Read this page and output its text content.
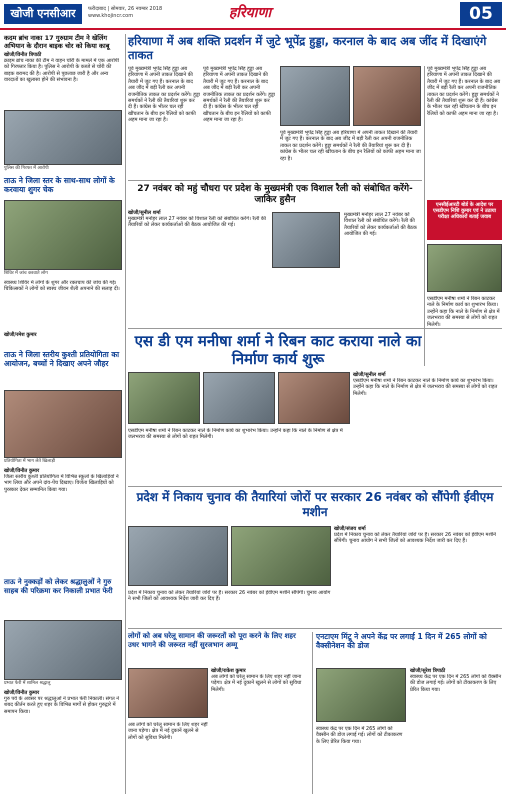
खोजी एनसीआर	फरीदाबाद | सोमवार, 26 नवम्बर 2018
www.khojincr.com	हरियाणा	05
कदम ब्रांच नाका 17 गुरुग्राम टीम ने खेलिंग अभियान के दौरान बाइक चोर को किया काबू
खोजी/विनीत त्रिपाठी
क्राइम ब्रांच नाका की टीम ने वाहन चोरी के मामले में एक आरोपी को गिरफ्तार किया है। पुलिस ने आरोपी के कब्जे से चोरी की बाइक बरामद की है। आरोपी से पूछताछ जारी है और अन्य वारदातों का खुलासा होने की संभावना है।
पुलिस की गिरफ्त में आरोपी
ताऊ ने जिला स्तर के साथ-साथ लोगों के करवाया शुगर चेक
शिविर में जांच करवाते लोग
स्वास्थ्य शिविर में लोगों के शुगर और रक्तचाप की जांच की गई। चिकित्सकों ने लोगों को स्वस्थ जीवन शैली अपनाने की सलाह दी।
खोजी/रमेश कुमार
ताऊ ने जिला स्तरीय कुश्ती प्रतियोगिता का आयोजन, बच्चों ने दिखाए अपने जौहर
प्रतियोगिता में भाग लेते खिलाड़ी
खोजी/विनीत कुमार
जिला स्तरीय कुश्ती प्रतियोगिता में विभिन्न स्कूलों के खिलाड़ियों ने भाग लिया और अपने दांव-पेंच दिखाए। विजेता खिलाड़ियों को पुरस्कार देकर सम्मानित किया गया।
ताऊ ने नुक्कड़ों को लेकर श्रद्धालुओं ने गुरु साहब की परिक्रमा कर निकाली प्रभात फेरी
प्रभात फेरी में शामिल श्रद्धालु
खोजी/विनीत कुमार
गुरु पर्व के अवसर पर श्रद्धालुओं ने प्रभात फेरी निकाली। संगत ने शबद कीर्तन करते हुए शहर के विभिन्न मार्गों से होकर गुरुद्वारे में समापन किया।
हरियाणा में अब शक्ति प्रदर्शन में जुटे भूपेंद्र हुड्डा, करनाल के बाद अब जींद में दिखाएंगे ताकत
पूर्व मुख्यमंत्री भूपेंद्र सिंह हुड्डा अब हरियाणा में अपनी ताकत दिखाने की तैयारी में जुट गए हैं। करनाल के बाद अब जींद में बड़ी रैली कर अपनी राजनीतिक ताकत का प्रदर्शन करेंगे। हुड्डा समर्थकों ने रैली की तैयारियां शुरू कर दी हैं। कांग्रेस के भीतर चल रही खींचतान के बीच इन रैलियों को काफी अहम माना जा रहा है।
पूर्व मुख्यमंत्री भूपेंद्र सिंह हुड्डा अब हरियाणा में अपनी ताकत दिखाने की तैयारी में जुट गए हैं। करनाल के बाद अब जींद में बड़ी रैली कर अपनी राजनीतिक ताकत का प्रदर्शन करेंगे। हुड्डा समर्थकों ने रैली की तैयारियां शुरू कर दी हैं। कांग्रेस के भीतर चल रही खींचतान के बीच इन रैलियों को काफी अहम माना जा रहा है।
पूर्व मुख्यमंत्री भूपेंद्र सिंह हुड्डा अब हरियाणा में अपनी ताकत दिखाने की तैयारी में जुट गए हैं। करनाल के बाद अब जींद में बड़ी रैली कर अपनी राजनीतिक ताकत का प्रदर्शन करेंगे। हुड्डा समर्थकों ने रैली की तैयारियां शुरू कर दी हैं। कांग्रेस के भीतर चल रही खींचतान के बीच इन रैलियों को काफी अहम माना जा रहा है।
पूर्व मुख्यमंत्री भूपेंद्र सिंह हुड्डा अब हरियाणा में अपनी ताकत दिखाने की तैयारी में जुट गए हैं। करनाल के बाद अब जींद में बड़ी रैली कर अपनी राजनीतिक ताकत का प्रदर्शन करेंगे। हुड्डा समर्थकों ने रैली की तैयारियां शुरू कर दी हैं। कांग्रेस के भीतर चल रही खींचतान के बीच इन रैलियों को काफी अहम माना जा रहा है।
एनसीईआरटी बोर्ड के आदेश पर एसडीएम निशि कुमार एवं ने उठाया परीक्षा अधिकारों बताई जवाब
एसडीएम मनीषा शर्मा ने रिबन काटकर नाले के निर्माण कार्य का शुभारंभ किया। उन्होंने कहा कि नाले के निर्माण से क्षेत्र में जलभराव की समस्या से लोगों को राहत मिलेगी।
27 नवंबर को महुं चौधरा पर प्रदेश के मुख्यमंत्री एक विशाल रैली को संबोधित करेंगे- जाकिर हुसैन
खोजी/सुनील शर्मा
मुख्यमंत्री मनोहर लाल 27 नवंबर को विशाल रैली को संबोधित करेंगे। रैली की तैयारियों को लेकर कार्यकर्ताओं की बैठक आयोजित की गई।
मुख्यमंत्री मनोहर लाल 27 नवंबर को विशाल रैली को संबोधित करेंगे। रैली की तैयारियों को लेकर कार्यकर्ताओं की बैठक आयोजित की गई।
एस डी एम मनीषा शर्मा ने रिबन काट कराया नाले का निर्माण कार्य शुरू
एसडीएम मनीषा शर्मा ने रिबन काटकर नाले के निर्माण कार्य का शुभारंभ किया। उन्होंने कहा कि नाले के निर्माण से क्षेत्र में जलभराव की समस्या से लोगों को राहत मिलेगी।
खोजी/सुनील शर्मा
एसडीएम मनीषा शर्मा ने रिबन काटकर नाले के निर्माण कार्य का शुभारंभ किया। उन्होंने कहा कि नाले के निर्माण से क्षेत्र में जलभराव की समस्या से लोगों को राहत मिलेगी।
प्रदेश में निकाय चुनाव की तैयारियां जोरों पर सरकार 26 नवंबर को सौंपेगी ईवीएम मशीन
खोजी/संजय शर्मा
प्रदेश में निकाय चुनाव को लेकर तैयारियां जोरों पर हैं। सरकार 26 नवंबर को ईवीएम मशीनें सौंपेगी। चुनाव आयोग ने सभी जिलों को आवश्यक निर्देश जारी कर दिए हैं।
प्रदेश में निकाय चुनाव को लेकर तैयारियां जोरों पर हैं। सरकार 26 नवंबर को ईवीएम मशीनें सौंपेगी। चुनाव आयोग ने सभी जिलों को आवश्यक निर्देश जारी कर दिए हैं।
लोगों को अब घरेलू सामान की जरूरतों को पूरा करने के लिए शहर उधर भागने की जरूरत नहीं सुरजभान अम्मू
खोजी/राकेश कुमार
अब लोगों को घरेलू सामान के लिए शहर नहीं जाना पड़ेगा। क्षेत्र में नई दुकानें खुलने से लोगों को सुविधा मिलेगी।
अब लोगों को घरेलू सामान के लिए शहर नहीं जाना पड़ेगा। क्षेत्र में नई दुकानें खुलने से लोगों को सुविधा मिलेगी।
एनटाएम मिंटू ने अपने केंद्र पर लगाई 1 दिन में 265 लोगों को वैक्सीनेशन की डोज
खोजी/सुरेश त्रिपाठी
स्वास्थ्य केंद्र पर एक दिन में 265 लोगों को वैक्सीन की डोज लगाई गई। लोगों को टीकाकरण के लिए प्रेरित किया गया।
स्वास्थ्य केंद्र पर एक दिन में 265 लोगों को वैक्सीन की डोज लगाई गई। लोगों को टीकाकरण के लिए प्रेरित किया गया।
